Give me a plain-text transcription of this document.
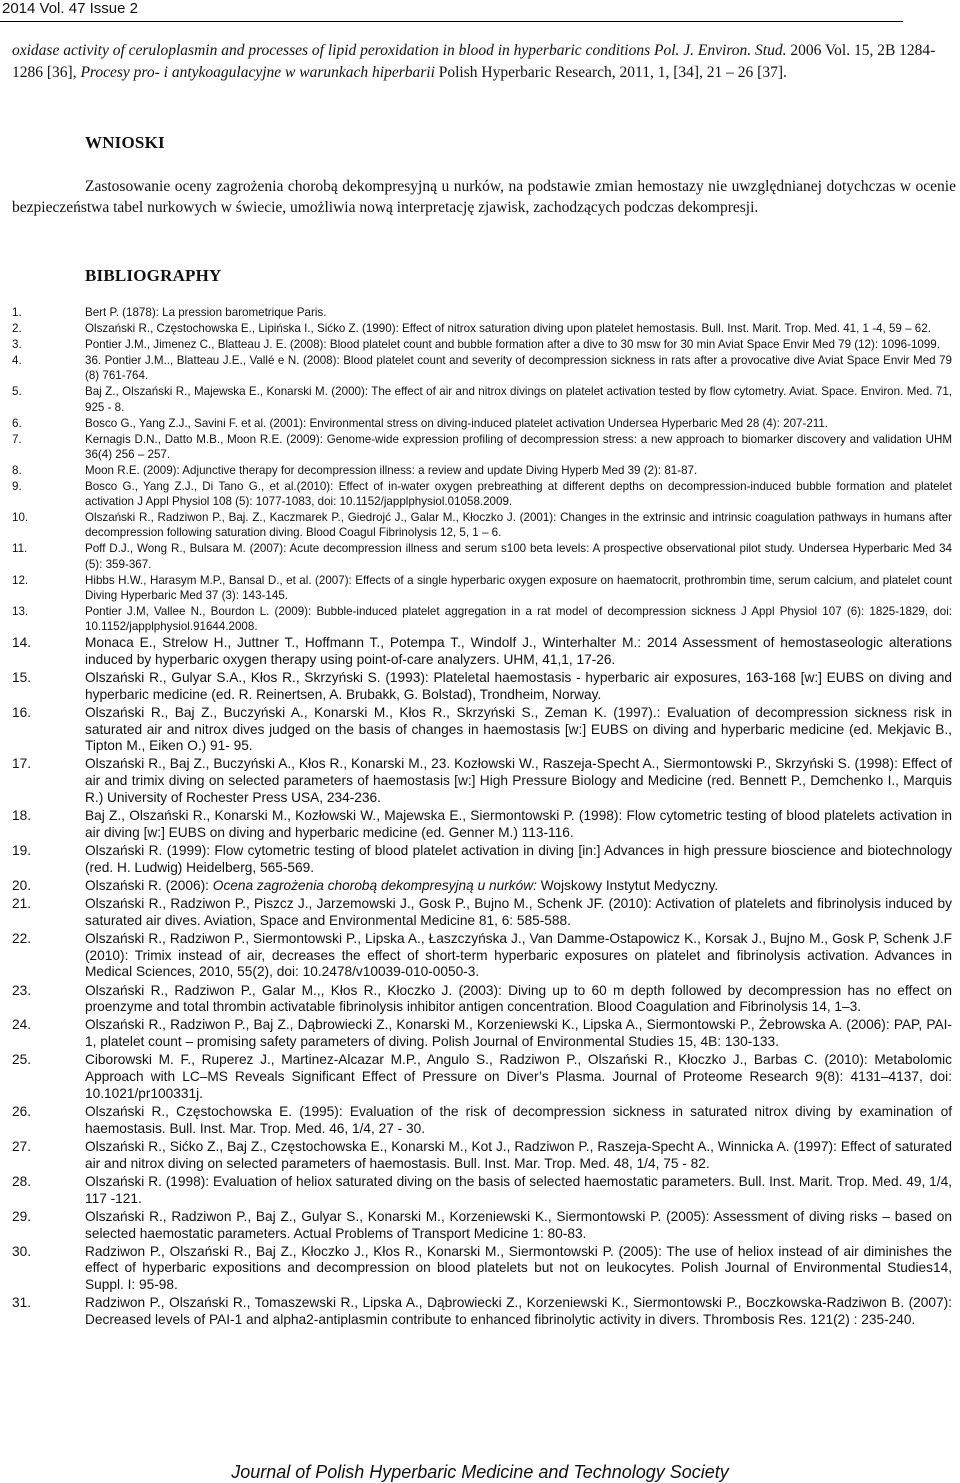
2014 Vol. 47 Issue 2
oxidase activity of ceruloplasmin and processes of lipid peroxidation in blood in hyperbaric conditions Pol. J. Environ. Stud. 2006 Vol. 15, 2B 1284-1286 [36], Procesy pro- i antykoagulacyjne w warunkach hiperbarii Polish Hyperbaric Research, 2011, 1, [34], 21 – 26 [37].
WNIOSKI
Zastosowanie oceny zagrożenia chorobą dekompresyjną u nurków, na podstawie zmian hemostazy nie uwzględnianej dotychczas w ocenie bezpieczeństwa tabel nurkowych w świecie, umożliwia nową interpretację zjawisk, zachodzących podczas dekompresji.
BIBLIOGRAPHY
1.	Bert P. (1878): La pression barometrique Paris.
2.	Olszański R., Częstochowska E., Lipińska I., Sićko Z. (1990): Effect of nitrox saturation diving upon platelet hemostasis. Bull. Inst. Marit. Trop. Med. 41, 1 -4, 59 – 62.
3.	Pontier J.M., Jimenez C., Blatteau J. E. (2008): Blood platelet count and bubble formation after a dive to 30 msw for 30 min Aviat Space Envir Med 79 (12): 1096-1099.
4.	36. Pontier J.M.., Blatteau J.E., Vallé e N. (2008): Blood platelet count and severity of decompression sickness in rats after a provocative dive Aviat Space Envir Med 79 (8) 761-764.
5.	Baj Z., Olszański R., Majewska E., Konarski M. (2000): The effect of air and nitrox divings on platelet activation tested by flow cytometry. Aviat. Space. Environ. Med. 71, 925 - 8.
6.	Bosco G., Yang Z.J., Savini F. et al. (2001): Environmental stress on diving-induced platelet activation Undersea Hyperbaric Med 28 (4): 207-211.
7.	Kernagis D.N., Datto M.B., Moon R.E. (2009): Genome-wide expression profiling of decompression stress: a new approach to biomarker discovery and validation UHM 36(4) 256 – 257.
8.	Moon R.E. (2009): Adjunctive therapy for decompression illness: a review and update Diving Hyperb Med 39 (2): 81-87.
9.	Bosco G., Yang Z.J., Di Tano G., et al.(2010): Effect of in-water oxygen prebreathing at different depths on decompression-induced bubble formation and platelet activation J Appl Physiol 108 (5): 1077-1083, doi: 10.1152/japplphysiol.01058.2009.
10.	Olszański R., Radziwon P., Baj. Z., Kaczmarek P., Giedrojć J., Galar M., Kłoczko J. (2001): Changes in the extrinsic and intrinsic coagulation pathways in humans after decompression following saturation diving. Blood Coagul Fibrinolysis 12, 5, 1 – 6.
11.	Poff D.J., Wong R., Bulsara M. (2007): Acute decompression illness and serum s100 beta levels: A prospective observational pilot study. Undersea Hyperbaric Med 34 (5): 359-367.
12.	Hibbs H.W., Harasym M.P., Bansal D., et al. (2007): Effects of a single hyperbaric oxygen exposure on haematocrit, prothrombin time, serum calcium, and platelet count Diving Hyperbaric Med 37 (3): 143-145.
13.	Pontier J.M, Vallee N., Bourdon L. (2009): Bubble-induced platelet aggregation in a rat model of decompression sickness J Appl Physiol 107 (6): 1825-1829, doi: 10.1152/japplphysiol.91644.2008.
14.	Monaca E., Strelow H., Juttner T., Hoffmann T., Potempa T., Windolf J., Winterhalter M.: 2014 Assessment of hemostaseologic alterations induced by hyperbaric oxygen therapy using point-of-care analyzers. UHM, 41,1, 17-26.
15.	Olszański R., Gulyar S.A., Kłos R., Skrzyński S. (1993): Plateletal haemostasis - hyperbaric air exposures, 163-168 [w:] EUBS on diving and hyperbaric medicine (ed. R. Reinertsen, A. Brubakk, G. Bolstad), Trondheim, Norway.
16.	Olszański R., Baj Z., Buczyński A., Konarski M., Kłos R., Skrzyński S., Zeman K. (1997).: Evaluation of decompression sickness risk in saturated air and nitrox dives judged on the basis of changes in haemostasis [w:] EUBS on diving and hyperbaric medicine (ed. Mekjavic B., Tipton M., Eiken O.) 91- 95.
17.	Olszański R., Baj Z., Buczyński A., Kłos R., Konarski M., 23. Kozłowski W., Raszeja-Specht A., Siermontowski P., Skrzyński S. (1998): Effect of air and trimix diving on selected parameters of haemostasis [w:] High Pressure Biology and Medicine (red. Bennett P., Demchenko I., Marquis R.) University of Rochester Press USA, 234-236.
18.	Baj Z., Olszański R., Konarski M., Kozłowski W., Majewska E., Siermontowski P. (1998): Flow cytometric testing of blood platelets activation in air diving [w:] EUBS on diving and hyperbaric medicine (ed. Genner M.) 113-116.
19.	Olszański R. (1999): Flow cytometric testing of blood platelet activation in diving [in:] Advances in high pressure bioscience and biotechnology (red. H. Ludwig) Heidelberg, 565-569.
20.	Olszański R. (2006): Ocena zagrożenia chorobą dekompresyjną u nurków: Wojskowy Instytut Medyczny.
21.	Olszański R., Radziwon P., Piszcz J., Jarzemowski J., Gosk P., Bujno M., Schenk JF. (2010): Activation of platelets and fibrinolysis induced by saturated air dives. Aviation, Space and Environmental Medicine 81, 6: 585-588.
22.	Olszański R., Radziwon P., Siermontowski P., Lipska A., Łaszczyńska J., Van Damme-Ostapowicz K., Korsak J., Bujno M., Gosk P, Schenk J.F (2010): Trimix instead of air, decreases the effect of short-term hyperbaric exposures on platelet and fibrinolysis activation. Advances in Medical Sciences, 2010, 55(2), doi: 10.2478/v10039-010-0050-3.
23.	Olszański R., Radziwon P., Galar M.,, Kłos R., Kłoczko J. (2003): Diving up to 60 m depth followed by decompression has no effect on proenzyme and total thrombin activatable fibrinolysis inhibitor antigen concentration. Blood Coagulation and Fibrinolysis 14, 1–3.
24.	Olszański R., Radziwon P., Baj Z., Dąbrowiecki Z., Konarski M., Korzeniewski K., Lipska A., Siermontowski P., Żebrowska A. (2006): PAP, PAI-1, platelet count – promising safety parameters of diving. Polish Journal of Environmental Studies 15, 4B: 130-133.
25.	Ciborowski M. F., Ruperez J., Martinez-Alcazar M.P., Angulo S., Radziwon P., Olszański R., Kłoczko J., Barbas C. (2010): Metabolomic Approach with LC–MS Reveals Significant Effect of Pressure on Diver’s Plasma. Journal of Proteome Research 9(8): 4131–4137, doi: 10.1021/pr100331j.
26.	Olszański R., Częstochowska E. (1995): Evaluation of the risk of decompression sickness in saturated nitrox diving by examination of haemostasis. Bull. Inst. Mar. Trop. Med. 46, 1/4, 27 - 30.
27.	Olszański R., Sićko Z., Baj Z., Częstochowska E., Konarski M., Kot J., Radziwon P., Raszeja-Specht A., Winnicka A. (1997): Effect of saturated air and nitrox diving on selected parameters of haemostasis. Bull. Inst. Mar. Trop. Med. 48, 1/4, 75 - 82.
28.	Olszański R. (1998): Evaluation of heliox saturated diving on the basis of selected haemostatic parameters. Bull. Inst. Marit. Trop. Med. 49, 1/4, 117 -121.
29.	Olszański R., Radziwon P., Baj Z., Gulyar S., Konarski M., Korzeniewski K., Siermontowski P. (2005): Assessment of diving risks – based on selected haemostatic parameters. Actual Problems of Transport Medicine 1: 80-83.
30.	Radziwon P., Olszański R., Baj Z., Kłoczko J., Kłos R., Konarski M., Siermontowski P. (2005): The use of heliox instead of air diminishes the effect of hyperbaric expositions and decompression on blood platelets but not on leukocytes. Polish Journal of Environmental Studies14, Suppl. I: 95-98.
31.	Radziwon P., Olszański R., Tomaszewski R., Lipska A., Dąbrowiecki Z., Korzeniewski K., Siermontowski P., Boczkowska-Radziwon B. (2007): Decreased levels of PAI-1 and alpha2-antiplasmin contribute to enhanced fibrinolytic activity in divers. Thrombosis Res. 121(2) : 235-240.
Journal of Polish Hyperbaric Medicine and Technology Society
